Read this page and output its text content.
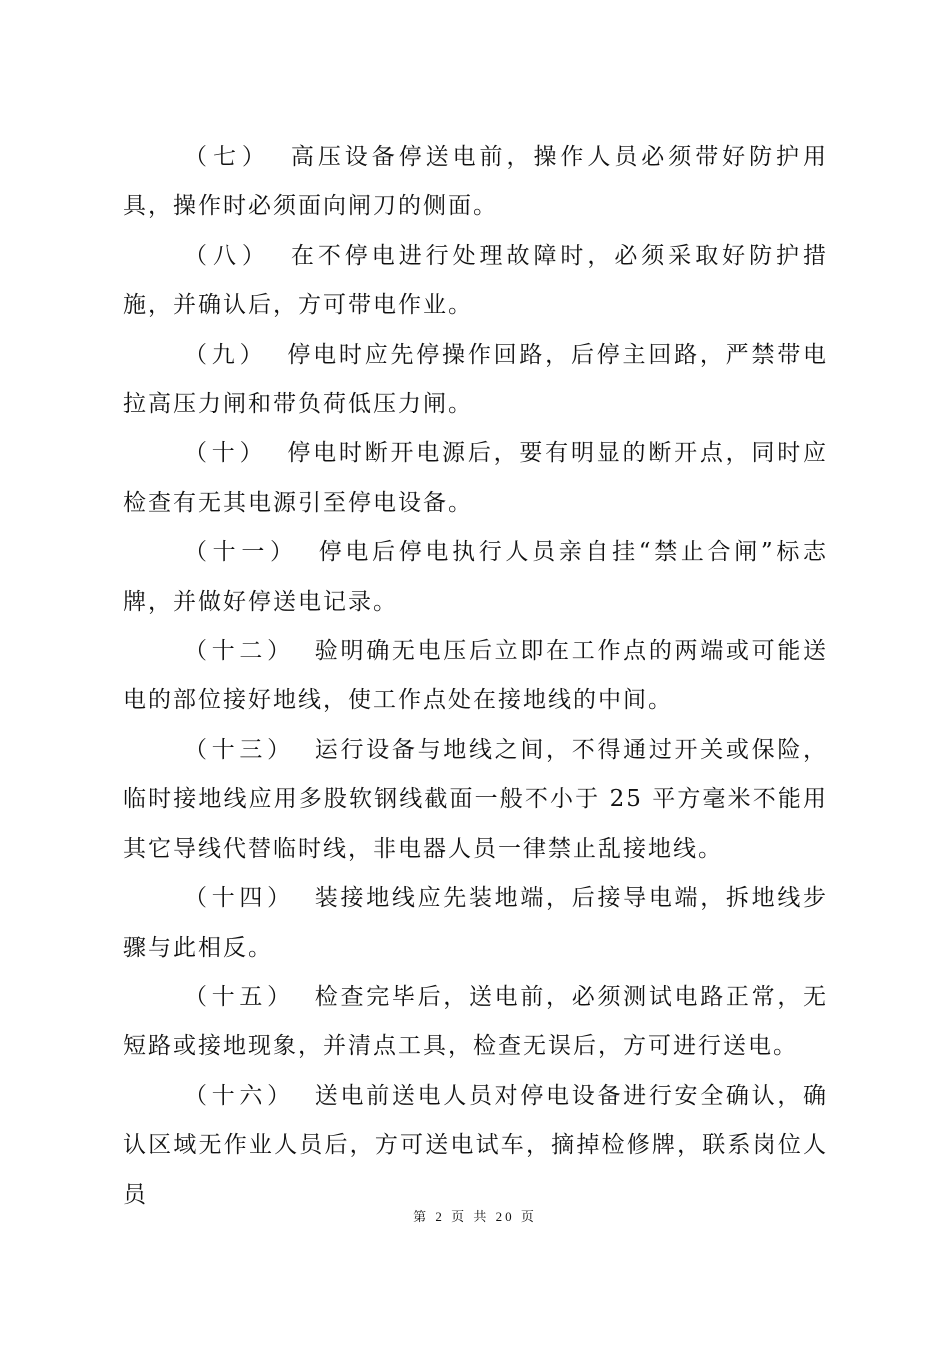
（七） 高压设备停送电前，操作人员必须带好防护用具，操作时必须面向闸刀的侧面。

（八） 在不停电进行处理故障时，必须采取好防护措施，并确认后，方可带电作业。

（九） 停电时应先停操作回路，后停主回路，严禁带电拉高压力闸和带负荷低压力闸。

（十） 停电时断开电源后，要有明显的断开点，同时应检查有无其电源引至停电设备。

（十一） 停电后停电执行人员亲自挂“禁止合闸”标志牌，并做好停送电记录。

（十二） 验明确无电压后立即在工作点的两端或可能送电的部位接好地线，使工作点处在接地线的中间。

（十三） 运行设备与地线之间，不得通过开关或保险，临时接地线应用多股软钢线截面一般不小于 25 平方毫米不能用其它导线代替临时线，非电器人员一律禁止乱接地线。

（十四） 装接地线应先装地端，后接导电端，拆地线步骤与此相反。

（十五） 检查完毕后，送电前，必须测试电路正常，无短路或接地现象，并清点工具，检查无误后，方可进行送电。

（十六） 送电前送电人员对停电设备进行安全确认，确认区域无作业人员后，方可送电试车，摘掉检修牌，联系岗位人员

第 2 页 共 20 页
